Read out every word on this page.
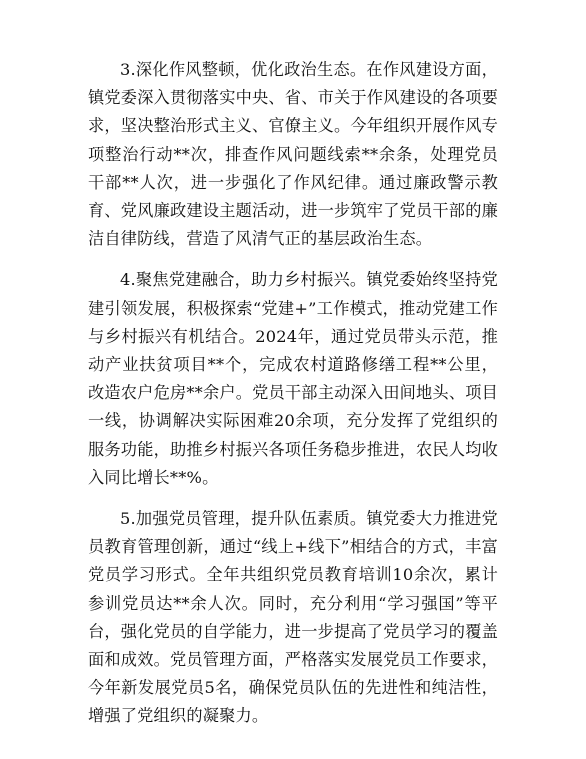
3.深化作风整顿，优化政治生态。在作风建设方面，镇党委深入贯彻落实中央、省、市关于作风建设的各项要求，坚决整治形式主义、官僚主义。今年组织开展作风专项整治行动**次，排查作风问题线索**余条，处理党员干部**人次，进一步强化了作风纪律。通过廉政警示教育、党风廉政建设主题活动，进一步筑牢了党员干部的廉洁自律防线，营造了风清气正的基层政治生态。

4.聚焦党建融合，助力乡村振兴。镇党委始终坚持党建引领发展，积极探索“党建+”工作模式，推动党建工作与乡村振兴有机结合。2024年，通过党员带头示范，推动产业扶贫项目**个，完成农村道路修缮工程**公里，改造农户危房**余户。党员干部主动深入田间地头、项目一线，协调解决实际困难20余项，充分发挥了党组织的服务功能，助推乡村振兴各项任务稳步推进，农民人均收入同比增长**%。

5.加强党员管理，提升队伍素质。镇党委大力推进党员教育管理创新，通过“线上+线下”相结合的方式，丰富党员学习形式。全年共组织党员教育培训10余次，累计参训党员达**余人次。同时，充分利用“学习强国”等平台，强化党员的自学能力，进一步提高了党员学习的覆盖面和成效。党员管理方面，严格落实发展党员工作要求，今年新发展党员5名，确保党员队伍的先进性和纯洁性，增强了党组织的凝聚力。
